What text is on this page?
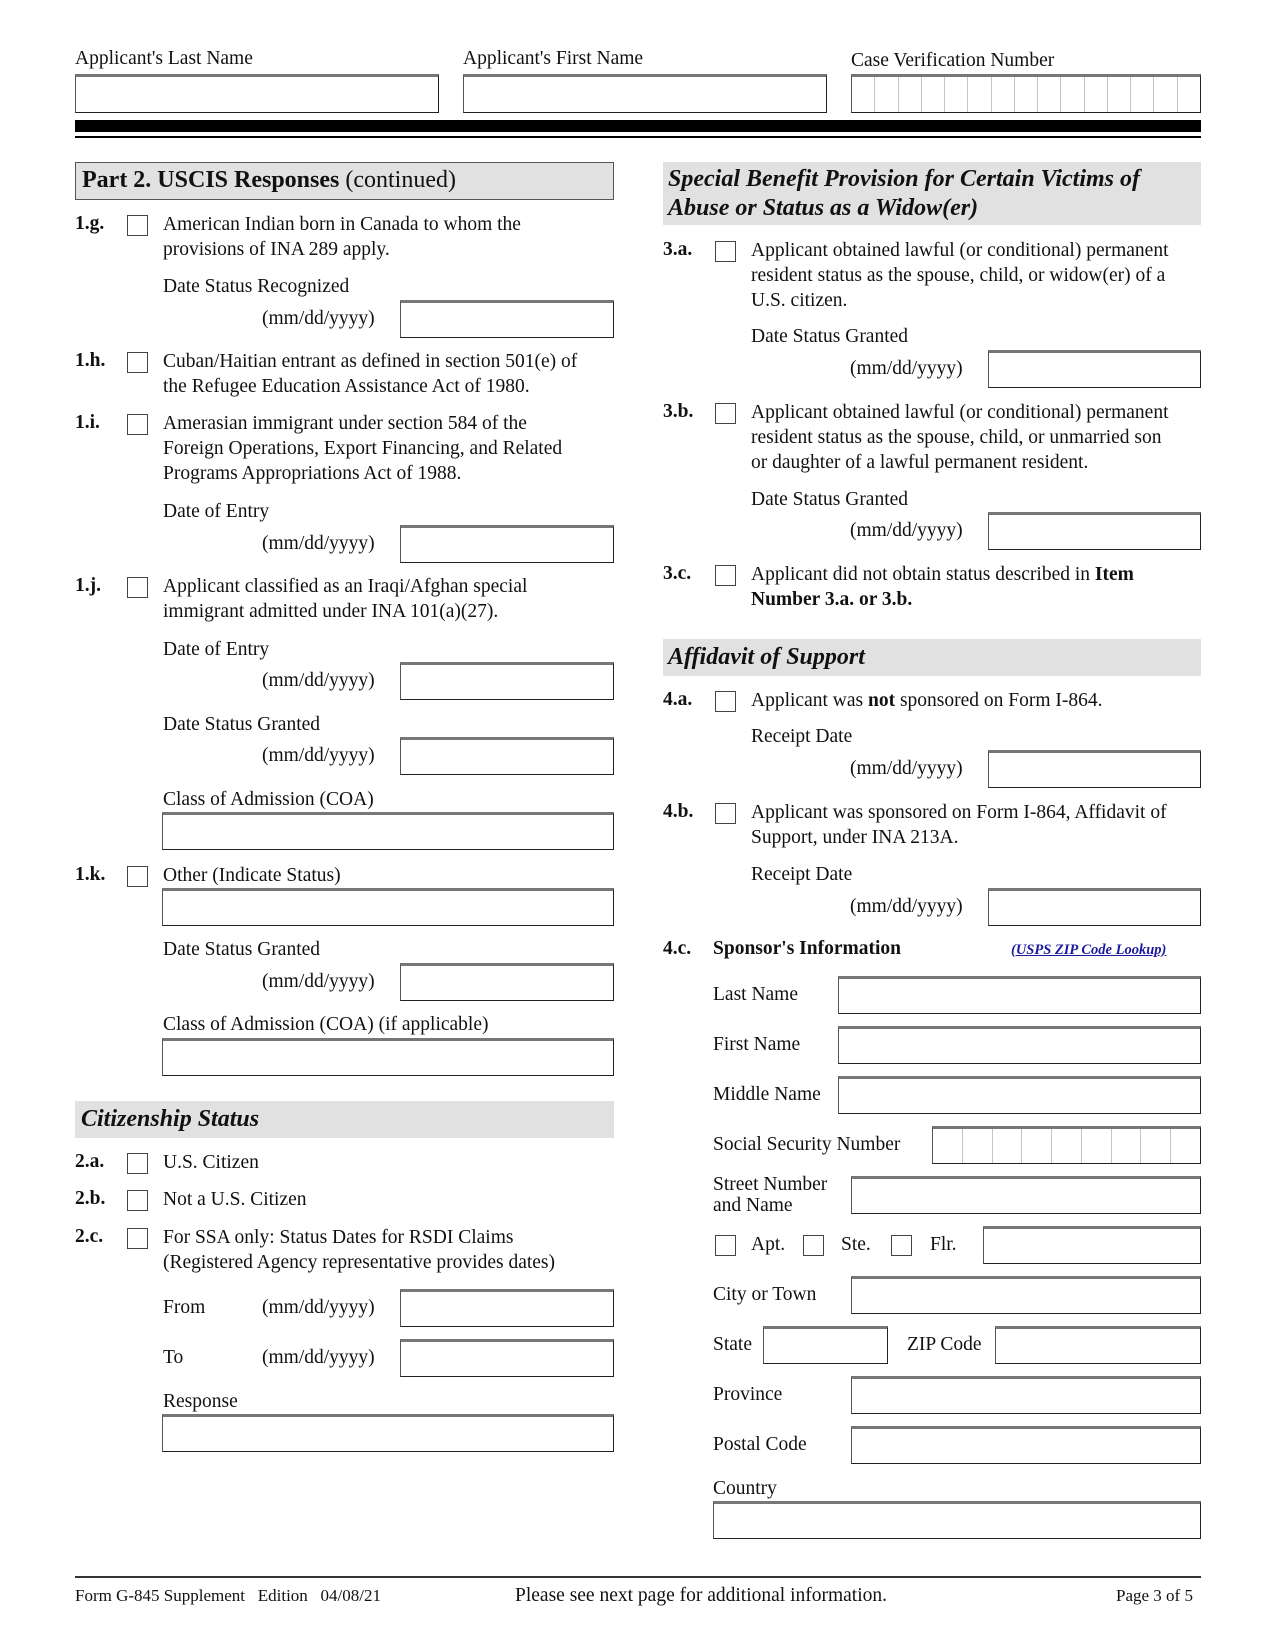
Applicant's Last Name	Applicant's First Name	Case Verification Number
Part 2. USCIS Responses (continued)
1.g.	American Indian born in Canada to whom the
provisions of INA 289 apply.
Date Status Recognized
(mm/dd/yyyy)
1.h.	Cuban/Haitian entrant as defined in section 501(e) of
the Refugee Education Assistance Act of 1980.
1.i.	Amerasian immigrant under section 584 of the
Foreign Operations, Export Financing, and Related
Programs Appropriations Act of 1988.
Date of Entry
(mm/dd/yyyy)
1.j.	Applicant classified as an Iraqi/Afghan special
immigrant admitted under INA 101(a)(27).
Date of Entry
(mm/dd/yyyy)
Date Status Granted
(mm/dd/yyyy)
Class of Admission (COA)
1.k.	Other (Indicate Status)
Date Status Granted
(mm/dd/yyyy)
Class of Admission (COA) (if applicable)
Citizenship Status
2.a.	U.S. Citizen
2.b.	Not a U.S. Citizen
2.c.	For SSA only: Status Dates for RSDI Claims
(Registered Agency representative provides dates)
From	(mm/dd/yyyy)
To	(mm/dd/yyyy)
Response
Special Benefit Provision for Certain Victims of
Abuse or Status as a Widow(er)
3.a.	Applicant obtained lawful (or conditional) permanent
resident status as the spouse, child, or widow(er) of a
U.S. citizen.
Date Status Granted
(mm/dd/yyyy)
3.b.	Applicant obtained lawful (or conditional) permanent
resident status as the spouse, child, or unmarried son
or daughter of a lawful permanent resident.
Date Status Granted
(mm/dd/yyyy)
3.c.	Applicant did not obtain status described in Item
Number 3.a. or 3.b.
Affidavit of Support
4.a.	Applicant was not sponsored on Form I-864.
Receipt Date
(mm/dd/yyyy)
4.b.	Applicant was sponsored on Form I-864, Affidavit of
Support, under INA 213A.
Receipt Date
(mm/dd/yyyy)
4.c. Sponsor's Information	(USPS ZIP Code Lookup)
Last Name
First Name
Middle Name
Social Security Number
Street Number
and Name
Apt.	Ste.	Flr.
City or Town
State	ZIP Code
Province
Postal Code
Country
Form G-845 Supplement   Edition   04/08/21	Please see next page for additional information.	Page 3 of 5
